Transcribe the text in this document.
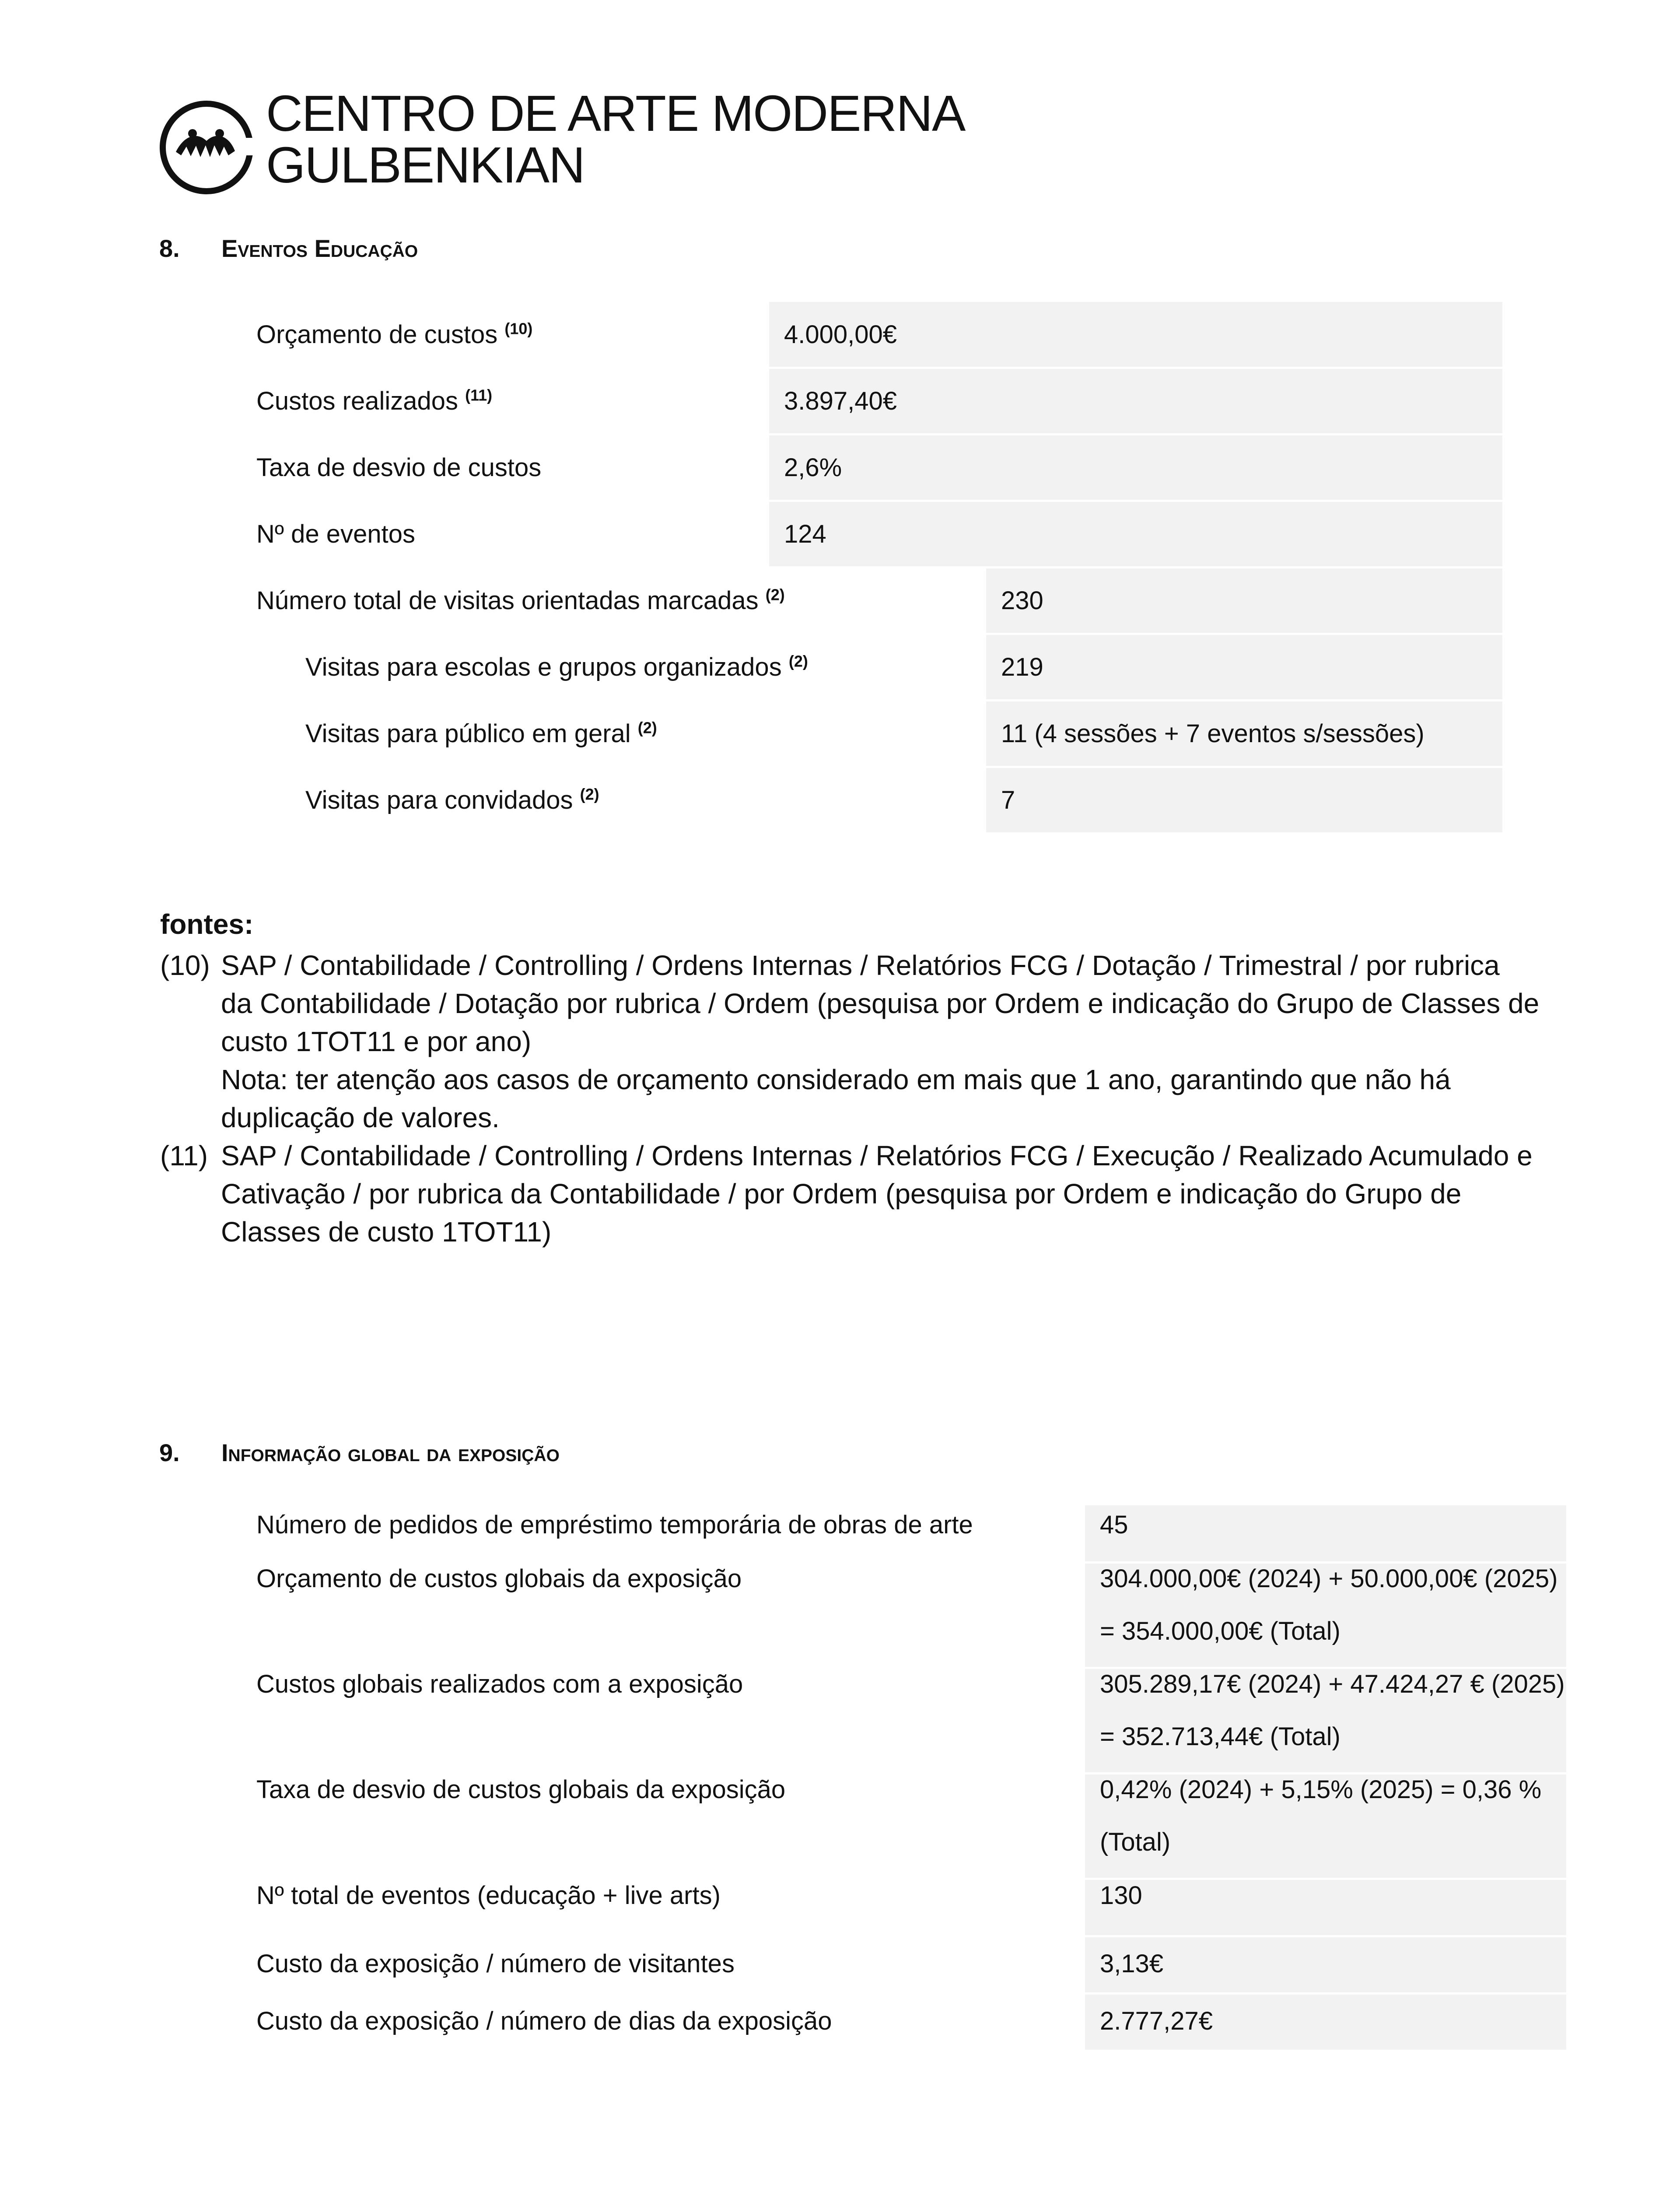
CENTRO DE ARTE MODERNA
GULBENKIAN
8. Eventos Educação
Orçamento de custos $^{(10)}$
Custos realizados $^{(11)}$
Taxa de desvio de custos
Nº de eventos
Número total de visitas orientadas marcadas $^{(2)}$
Visitas para escolas e grupos organizados $^{(2)}$
Visitas para público em geral $^{(2)}$
Visitas para convidados $^{(2)}$
4.000,00€
3.897,40€
2,6%
124
230
219
11 (4 sessões + 7 eventos s/sessões)
7
fontes:
(10) SAP / Contabilidade / Controlling / Ordens Internas / Relatórios FCG / Dotação / Trimestral / por rubrica
da Contabilidade / Dotação por rubrica / Ordem (pesquisa por Ordem e indicação do Grupo de Classes de
custo 1TOT11 e por ano)
Nota: ter atenção aos casos de orçamento considerado em mais que 1 ano, garantindo que não há
duplicação de valores.
(11) SAP / Contabilidade / Controlling / Ordens Internas / Relatórios FCG / Execução / Realizado Acumulado e
Cativação / por rubrica da Contabilidade / por Ordem (pesquisa por Ordem e indicação do Grupo de
Classes de custo 1TOT11)
9. Informação global da exposição
Número de pedidos de empréstimo temporária de obras de arte
Orçamento de custos globais da exposição
Custos globais realizados com a exposição
Taxa de desvio de custos globais da exposição
Nº total de eventos (educação + live arts)
Custo da exposição / número de visitantes
Custo da exposição / número de dias da exposição
45
304.000,00€ (2024) + 50.000,00€ (2025)
= 354.000,00€ (Total)
305.289,17€ (2024) + 47.424,27 € (2025)
= 352.713,44€ (Total)
0,42% (2024) + 5,15% (2025) = 0,36 %
(Total)
130
3,13€
2.777,27€
